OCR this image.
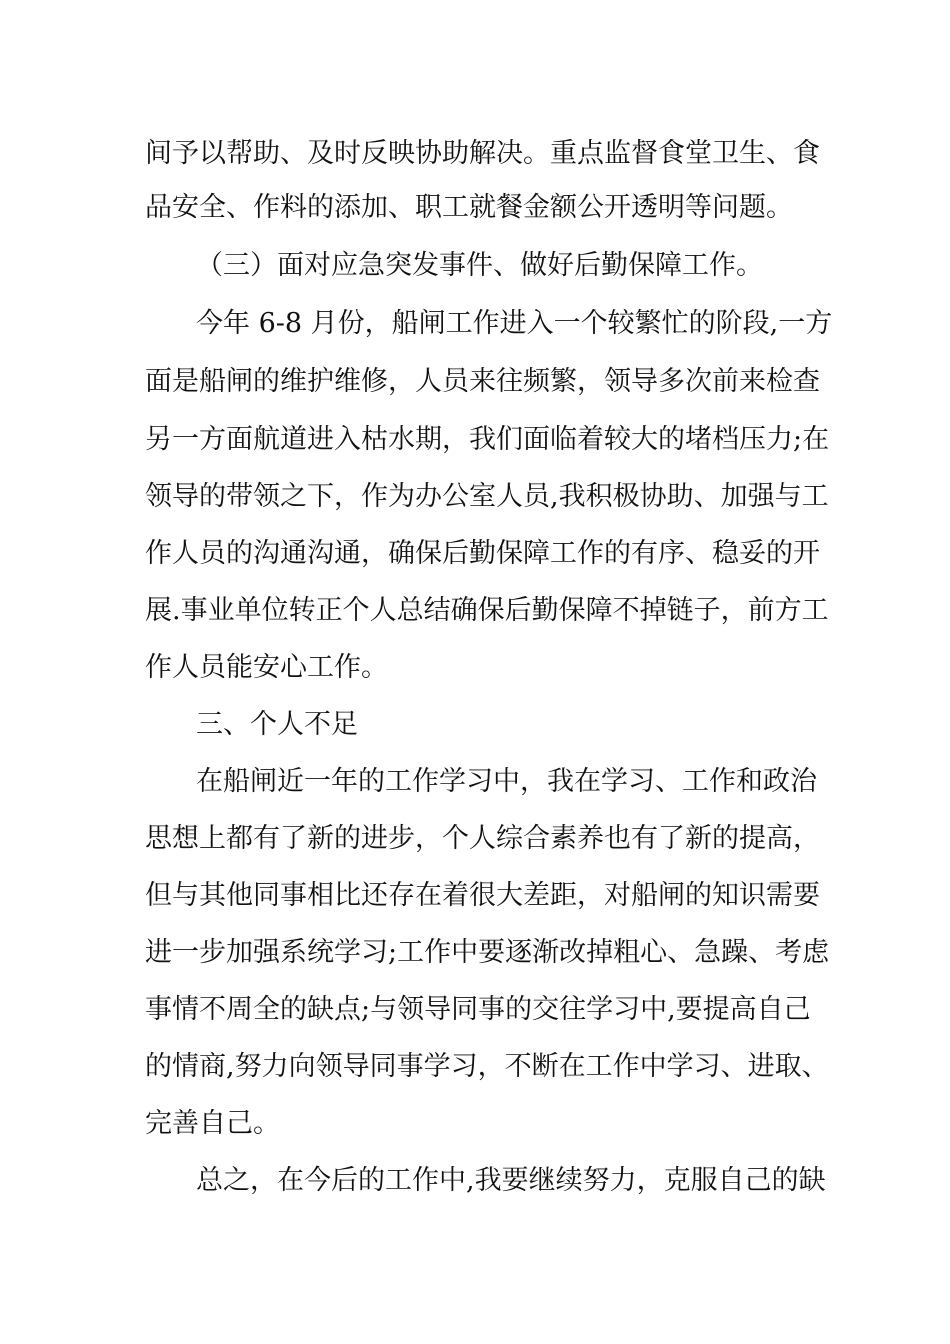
间予以帮助、及时反映协助解决。重点监督食堂卫生、食
品安全、作料的添加、职工就餐金额公开透明等问题。
（三）面对应急突发事件、做好后勤保障工作。
今年 6-8 月份，船闸工作进入一个较繁忙的阶段,一方
面是船闸的维护维修，人员来往频繁，领导多次前来检查
另一方面航道进入枯水期，我们面临着较大的堵档压力;在
领导的带领之下，作为办公室人员,我积极协助、加强与工
作人员的沟通沟通，确保后勤保障工作的有序、稳妥的开
展.事业单位转正个人总结确保后勤保障不掉链子，前方工
作人员能安心工作。
三、个人不足
在船闸近一年的工作学习中，我在学习、工作和政治
思想上都有了新的进步，个人综合素养也有了新的提高，
但与其他同事相比还存在着很大差距，对船闸的知识需要
进一步加强系统学习;工作中要逐渐改掉粗心、急躁、考虑
事情不周全的缺点;与领导同事的交往学习中,要提高自己
的情商,努力向领导同事学习，不断在工作中学习、进取、
完善自己。
总之，在今后的工作中,我要继续努力，克服自己的缺
